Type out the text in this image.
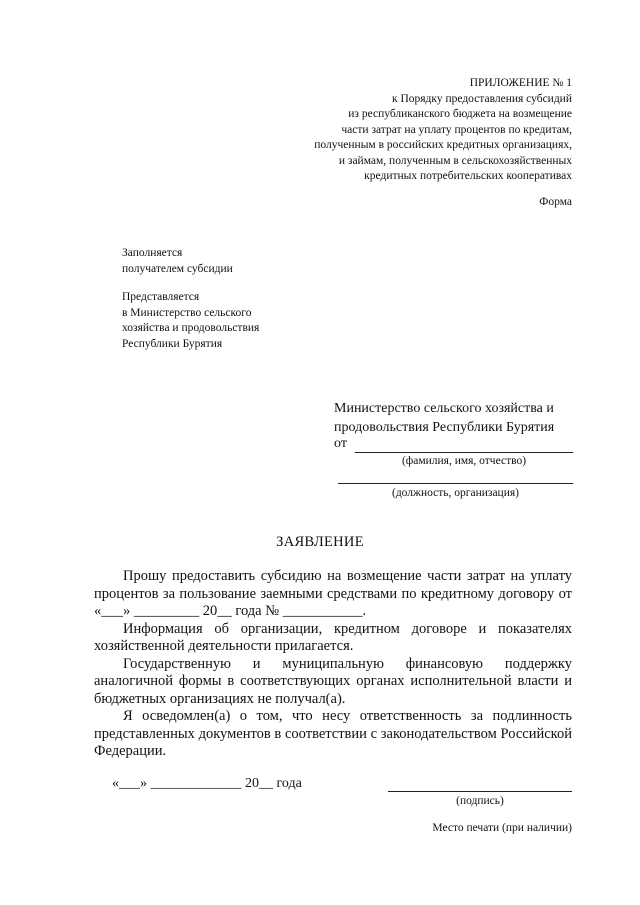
ПРИЛОЖЕНИЕ № 1
к Порядку предоставления субсидий
из республиканского бюджета на возмещение
части затрат на уплату процентов по кредитам,
полученным в российских кредитных организациях,
и займам, полученным в сельскохозяйственных
кредитных потребительских кооперативах
Форма
Заполняется
получателем субсидии
Представляется
в Министерство сельского
хозяйства и продовольствия
Республики Бурятия
Министерство сельского хозяйства и
продовольствия Республики Бурятия
от
(фамилия, имя, отчество)
(должность, организация)
ЗАЯВЛЕНИЕ

Прошу предоставить субсидию на возмещение части затрат на уплату процентов за пользование заемными средствами по кредитному договору от «___» _________ 20__ года № ___________.

Информация об организации, кредитном договоре и показателях хозяйственной деятельности прилагается.

Государственную и муниципальную финансовую поддержку аналогичной формы в соответствующих органах исполнительной власти и бюджетных организациях не получал(а).

Я осведомлен(а) о том, что несу ответственность за подлинность представленных документов в соответствии с законодательством Российской Федерации.

«___» _____________ 20__ года
(подпись)
Место печати (при наличии)
